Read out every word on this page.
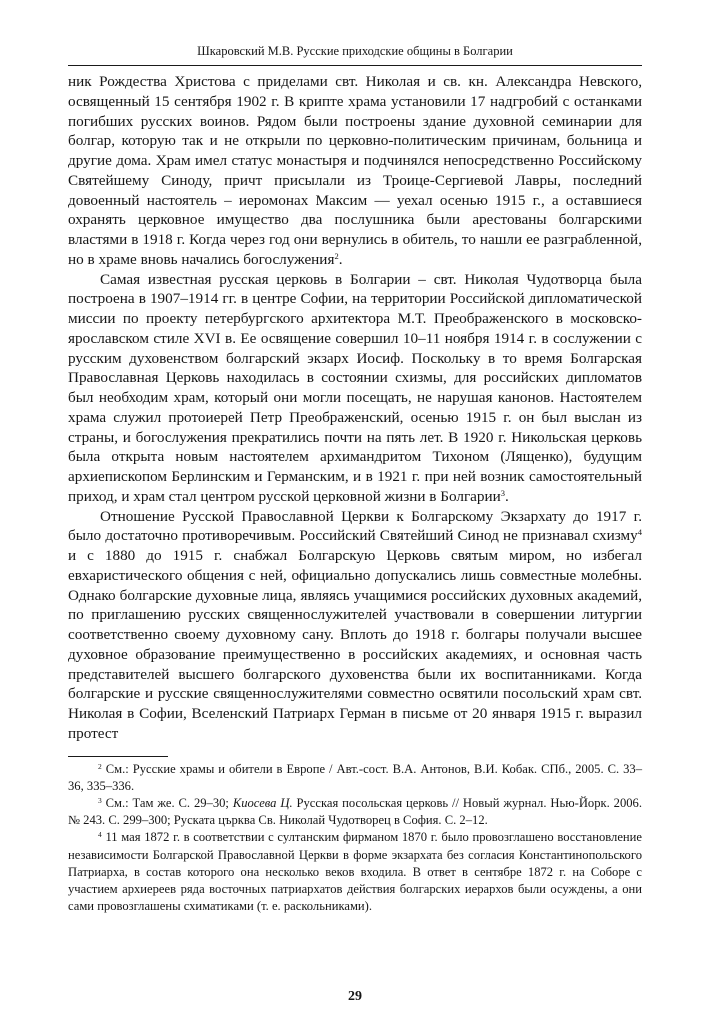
Шкаровский М.В. Русские приходские общины в Болгарии

ник Рождества Христова с приделами свт. Николая и св. кн. Александра Невского, освященный 15 сентября 1902 г. В крипте храма установили 17 надгробий с останками погибших русских воинов. Рядом были построены здание духовной семинарии для болгар, которую так и не открыли по церковно-политическим причинам, больница и другие дома. Храм имел статус монастыря и подчинялся непосредственно Российскому Святейшему Синоду, причт присылали из Троице-Сергиевой Лавры, последний довоенный настоятель – иеромонах Максим — уехал осенью 1915 г., а оставшиеся охранять церковное имущество два послушника были арестованы болгарскими властями в 1918 г. Когда через год они вернулись в обитель, то нашли ее разграбленной, но в храме вновь начались богослужения$^2$.

Самая известная русская церковь в Болгарии – свт. Николая Чудотворца была построена в 1907–1914 гг. в центре Софии, на территории Российской дипломатической миссии по проекту петербургского архитектора М.Т. Преображенского в московско-ярославском стиле XVI в. Ее освящение совершил 10–11 ноября 1914 г. в сослужении с русским духовенством болгарский экзарх Иосиф. Поскольку в то время Болгарская Православная Церковь находилась в состоянии схизмы, для российских дипломатов был необходим храм, который они могли посещать, не нарушая канонов. Настоятелем храма служил протоиерей Петр Преображенский, осенью 1915 г. он был выслан из страны, и богослужения прекратились почти на пять лет. В 1920 г. Никольская церковь была открыта новым настоятелем архимандритом Тихоном (Лященко), будущим архиепископом Берлинским и Германским, и в 1921 г. при ней возник самостоятельный приход, и храм стал центром русской церковной жизни в Болгарии$^3$.

Отношение Русской Православной Церкви к Болгарскому Экзархату до 1917 г. было достаточно противоречивым. Российский Святейший Синод не признавал схизму$^4$ и с 1880 до 1915 г. снабжал Болгарскую Церковь святым миром, но избегал евхаристического общения с ней, официально допускались лишь совместные молебны. Однако болгарские духовные лица, являясь учащимися российских духовных академий, по приглашению русских священнослужителей участвовали в совершении литургии соответственно своему духовному сану. Вплоть до 1918 г. болгары получали высшее духовное образование преимущественно в российских академиях, и основная часть представителей высшего болгарского духовенства были их воспитанниками. Когда болгарские и русские священнослужителями совместно освятили посольский храм свт. Николая в Софии, Вселенский Патриарх Герман в письме от 20 января 1915 г. выразил протест

$^2$ См.: Русские храмы и обители в Европе / Авт.-сост. В.А. Антонов, В.И. Кобак. СПб., 2005. С. 33–36, 335–336.

$^3$ См.: Там же. С. 29–30; Киосева Ц. Русская посольская церковь // Новый журнал. Нью-Йорк. 2006. № 243. С. 299–300; Руската църква Св. Николай Чудотворец в София. С. 2–12.

$^4$ 11 мая 1872 г. в соответствии с султанским фирманом 1870 г. было провозглашено восстановление независимости Болгарской Православной Церкви в форме экзархата без согласия Константинопольского Патриарха, в состав которого она несколько веков входила. В ответ в сентябре 1872 г. на Соборе с участием архиереев ряда восточных патриархатов действия болгарских иерархов были осуждены, а они сами провозглашены схиматиками (т. е. раскольниками).

29
